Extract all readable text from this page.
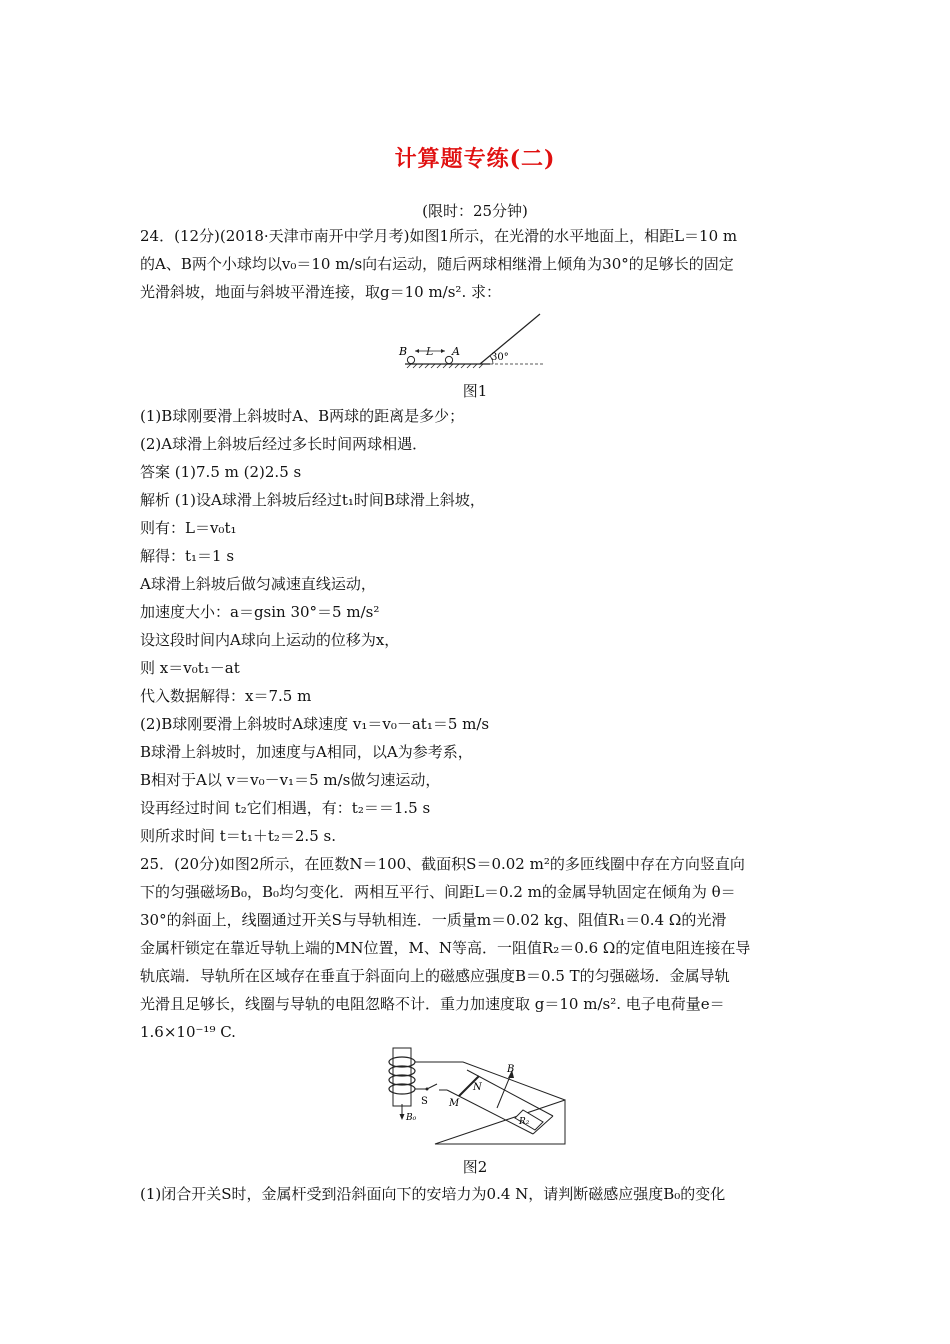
计算题专练(二)
(限时：25分钟)
24．(12分)(2018·天津市南开中学月考)如图1所示，在光滑的水平地面上，相距L＝10 m
的A、B两个小球均以v₀＝10 m/s向右运动，随后两球相继滑上倾角为30°的足够长的固定
光滑斜坡，地面与斜坡平滑连接，取g＝10 m/s². 求：
B L A	30°
图1
(1)B球刚要滑上斜坡时A、B两球的距离是多少；
(2)A球滑上斜坡后经过多长时间两球相遇．
答案 (1)7.5 m (2)2.5 s
解析 (1)设A球滑上斜坡后经过t₁时间B球滑上斜坡，
则有：L＝v₀t₁
解得：t₁＝1 s
A球滑上斜坡后做匀减速直线运动，
加速度大小：a＝gsin 30°＝5 m/s²
设这段时间内A球向上运动的位移为x，
则 x＝v₀t₁－at
代入数据解得：x＝7.5 m
(2)B球刚要滑上斜坡时A球速度 v₁＝v₀－at₁＝5 m/s
B球滑上斜坡时，加速度与A相同，以A为参考系，
B相对于A以 v＝v₀－v₁＝5 m/s做匀速运动，
设再经过时间 t₂它们相遇，有：t₂＝＝1.5 s
则所求时间 t＝t₁＋t₂＝2.5 s.
25．(20分)如图2所示，在匝数N＝100、截面积S＝0.02 m²的多匝线圈中存在方向竖直向
下的匀强磁场B₀，B₀均匀变化．两相互平行、间距L＝0.2 m的金属导轨固定在倾角为 θ＝
30°的斜面上，线圈通过开关S与导轨相连．一质量m＝0.02 kg、阻值R₁＝0.4 Ω的光滑
金属杆锁定在靠近导轨上端的MN位置，M、N等高．一阻值R₂＝0.6 Ω的定值电阻连接在导
轨底端．导轨所在区域存在垂直于斜面向上的磁感应强度B＝0.5 T的匀强磁场．金属导轨
光滑且足够长，线圈与导轨的电阻忽略不计．重力加速度取 g＝10 m/s². 电子电荷量e＝
1.6×10⁻¹⁹ C.
B₀
S M
N
B
R₂
图2
(1)闭合开关S时，金属杆受到沿斜面向下的安培力为0.4 N，请判断磁感应强度B₀的变化
